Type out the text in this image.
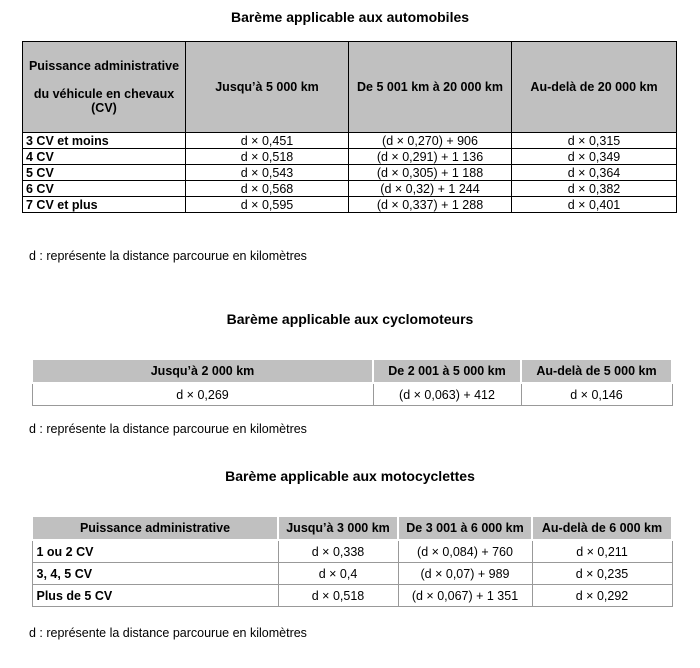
Barème applicable aux automobiles
Puissance administrative
du véhicule en chevaux (CV)	Jusqu’à 5 000 km	De 5 001 km à 20 000 km	Au-delà de 20 000 km
3 CV et moins	d × 0,451	(d × 0,270) + 906	d × 0,315
4 CV	d × 0,518	(d × 0,291) + 1 136	d × 0,349
5 CV	d × 0,543	(d × 0,305) + 1 188	d × 0,364
6 CV	d × 0,568	(d × 0,32) + 1 244	d × 0,382
7 CV et plus	d × 0,595	(d × 0,337) + 1 288	d × 0,401
d : représente la distance parcourue en kilomètres
Barème applicable aux cyclomoteurs
Jusqu’à 2 000 km	De 2 001 à 5 000 km	Au-delà de 5 000 km
d × 0,269	(d × 0,063) + 412	d × 0,146
d : représente la distance parcourue en kilomètres
Barème applicable aux motocyclettes
Puissance administrative	Jusqu’à 3 000 km	De 3 001 à 6 000 km	Au-delà de 6 000 km
1 ou 2 CV	d × 0,338	(d × 0,084) + 760	d × 0,211
3, 4, 5 CV	d × 0,4	(d × 0,07) + 989	d × 0,235
Plus de 5 CV	d × 0,518	(d × 0,067) + 1 351	d × 0,292
d : représente la distance parcourue en kilomètres
